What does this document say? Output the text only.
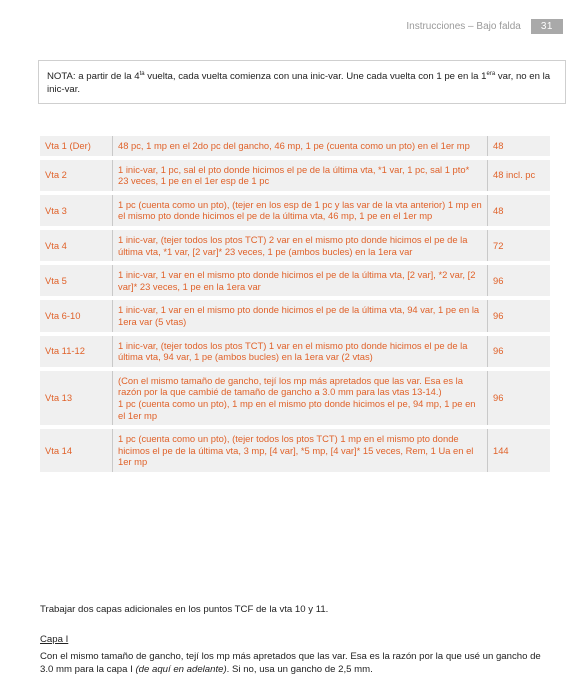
Instrucciones – Bajo falda	31
NOTA: a partir de la $4^{ta}$ vuelta, cada vuelta comienza con una inic-var. Une cada vuelta con 1 pe en la $1^{era}$ var, no en la inic-var.
Vta 1 (Der)	48 pc, 1 mp en el 2do pc del gancho, 46 mp, 1 pe (cuenta como un pto) en el 1er mp	48
Vta 2	1 inic-var, 1 pc, sal el pto donde hicimos el pe de la última vta, *1 var, 1 pc, sal 1 pto* 23 veces, 1 pe en el 1er esp de 1 pc	48 incl. pc
Vta 3	1 pc (cuenta como un pto), (tejer en los esp de 1 pc y las var de la vta anterior) 1 mp en el mismo pto donde hicimos el pe de la última vta, 46 mp, 1 pe en el 1er mp	48
Vta 4	1 inic-var, (tejer todos los ptos TCT) 2 var en el mismo pto donde hicimos el pe de la última vta, *1 var, [2 var]* 23 veces, 1 pe (ambos bucles) en la 1era var	72
Vta 5	1 inic-var, 1 var en el mismo pto donde hicimos el pe de la última vta, [2 var], *2 var, [2 var]* 23 veces, 1 pe en la 1era var	96
Vta 6-10	1 inic-var, 1 var en el mismo pto donde hicimos el pe de la última vta, 94 var, 1 pe en la 1era var (5 vtas)	96
Vta 11-12	1 inic-var, (tejer todos los ptos TCT) 1 var en el mismo pto donde hicimos el pe de la última vta, 94 var, 1 pe (ambos bucles) en la 1era var (2 vtas)	96
Vta 13	(Con el mismo tamaño de gancho, tejí los mp más apretados que las var. Esa es la razón por la que cambié de tamaño de gancho a 3.0 mm para las vtas 13-14.)
1 pc (cuenta como un pto), 1 mp en el mismo pto donde hicimos el pe, 94 mp, 1 pe en el 1er mp	96
Vta 14	1 pc (cuenta como un pto), (tejer todos los ptos TCT) 1 mp en el mismo pto donde hicimos el pe de la última vta, 3 mp, [4 var], *5 mp, [4 var]* 15 veces, Rem, 1 Ua en el 1er mp	144
Trabajar dos capas adicionales en los puntos TCF de la vta 10 y 11.
Capa I
Con el mismo tamaño de gancho, tejí los mp más apretados que las var. Esa es la razón por la que usé un gancho de 3.0 mm para la capa I (de aquí en adelante). Si no, usa un gancho de 2,5 mm.
